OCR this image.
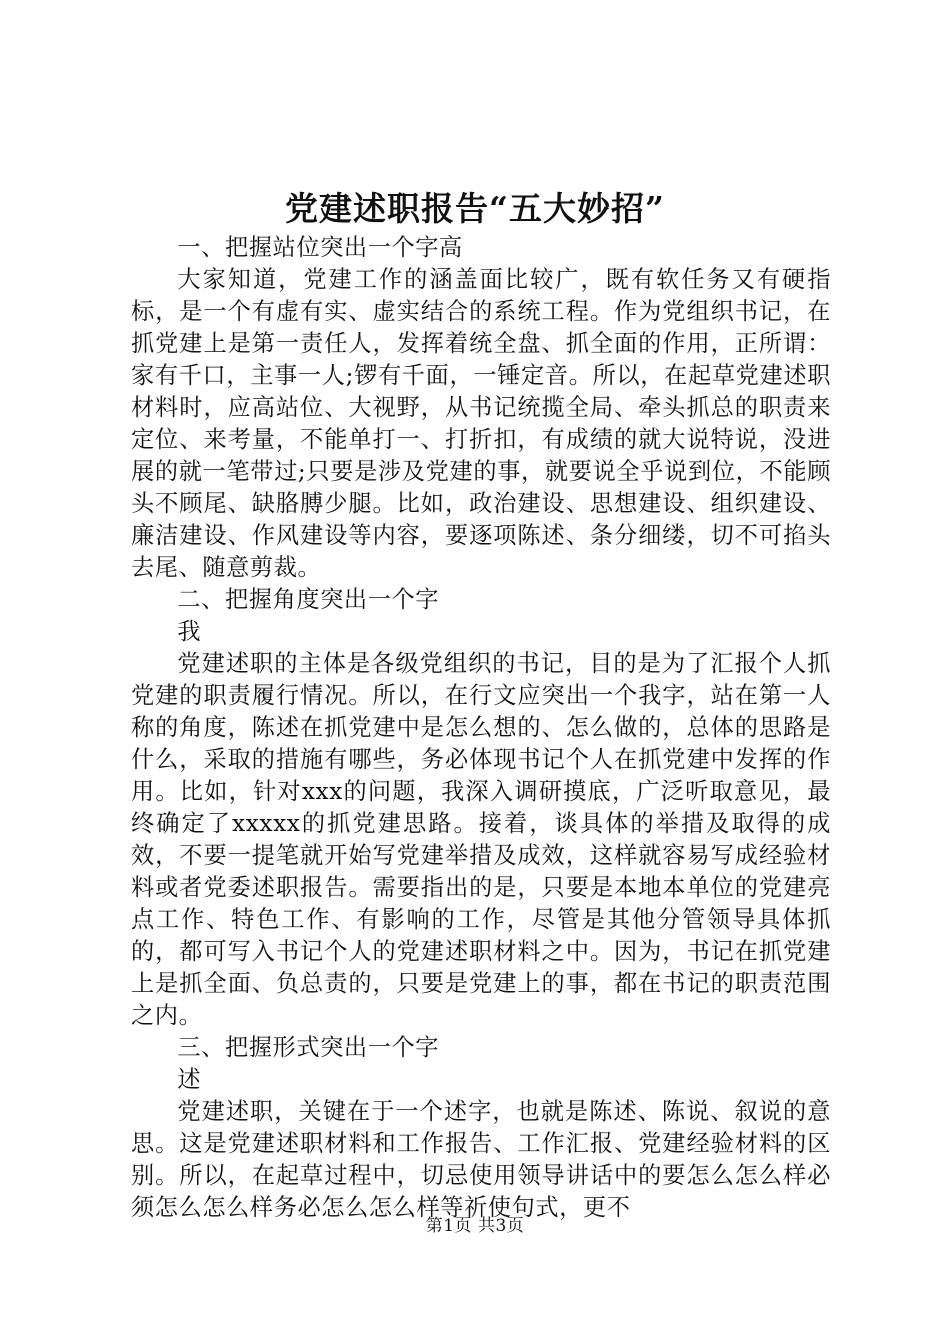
党建述职报告“五大妙招”

一、把握站位突出一个字高

大家知道，党建工作的涵盖面比较广，既有软任务又有硬指标，是一个有虚有实、虚实结合的系统工程。作为党组织书记，在抓党建上是第一责任人，发挥着统全盘、抓全面的作用，正所谓：家有千口，主事一人;锣有千面，一锤定音。所以，在起草党建述职材料时，应高站位、大视野，从书记统揽全局、牵头抓总的职责来定位、来考量，不能单打一、打折扣，有成绩的就大说特说，没进展的就一笔带过;只要是涉及党建的事，就要说全乎说到位，不能顾头不顾尾、缺胳膊少腿。比如，政治建设、思想建设、组织建设、廉洁建设、作风建设等内容，要逐项陈述、条分细缕，切不可掐头去尾、随意剪裁。

二、把握角度突出一个字

我

党建述职的主体是各级党组织的书记，目的是为了汇报个人抓党建的职责履行情况。所以，在行文应突出一个我字，站在第一人称的角度，陈述在抓党建中是怎么想的、怎么做的，总体的思路是什么，采取的措施有哪些，务必体现书记个人在抓党建中发挥的作用。比如，针对xxx的问题，我深入调研摸底，广泛听取意见，最终确定了xxxxx的抓党建思路。接着，谈具体的举措及取得的成效，不要一提笔就开始写党建举措及成效，这样就容易写成经验材料或者党委述职报告。需要指出的是，只要是本地本单位的党建亮点工作、特色工作、有影响的工作，尽管是其他分管领导具体抓的，都可写入书记个人的党建述职材料之中。因为，书记在抓党建上是抓全面、负总责的，只要是党建上的事，都在书记的职责范围之内。

三、把握形式突出一个字

述

党建述职，关键在于一个述字，也就是陈述、陈说、叙说的意思。这是党建述职材料和工作报告、工作汇报、党建经验材料的区别。所以，在起草过程中，切忌使用领导讲话中的要怎么怎么样必须怎么怎么样务必怎么怎么样等祈使句式，更不

第1页 共3页
